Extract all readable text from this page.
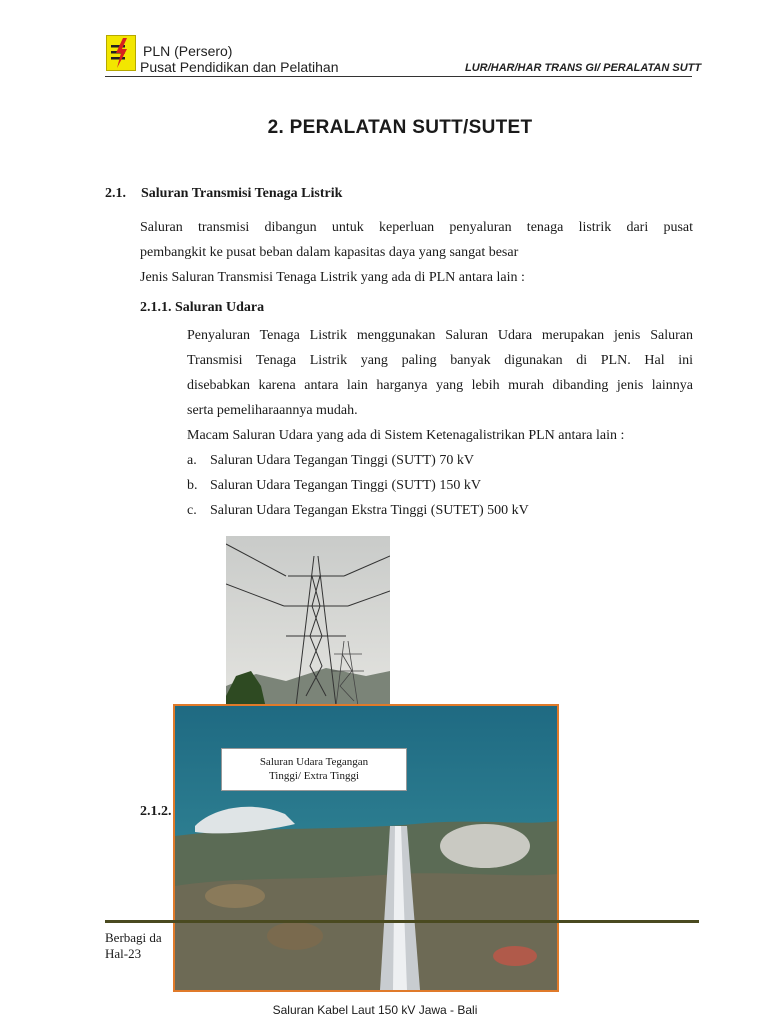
PLN (Persero)
Pusat Pendidikan dan Pelatihan	LUR/HAR/HAR TRANS GI/ PERALATAN SUTT
2. PERALATAN SUTT/SUTET
2.1. Saluran Transmisi Tenaga Listrik
Saluran transmisi dibangun untuk keperluan penyaluran tenaga listrik dari pusat
pembangkit ke pusat beban dalam kapasitas daya yang sangat besar
Jenis Saluran Transmisi Tenaga Listrik yang ada di PLN antara lain :
2.1.1. Saluran Udara
Penyaluran Tenaga Listrik menggunakan Saluran Udara merupakan jenis Saluran
Transmisi Tenaga Listrik yang paling banyak digunakan di PLN. Hal ini
disebabkan karena antara lain harganya yang lebih murah dibanding jenis lainnya
serta pemeliharaannya mudah.
Macam Saluran Udara yang ada di Sistem Ketenagalistrikan PLN antara lain :
a. Saluran Udara Tegangan Tinggi (SUTT) 70 kV
b. Saluran Udara Tegangan Tinggi (SUTT) 150 kV
c. Saluran Udara Tegangan Ekstra Tinggi (SUTET) 500 kV
Saluran Udara Tegangan
Tinggi/ Extra Tinggi
2.1.2.
Berbagi da
Hal-23
Saluran Kabel Laut 150 kV Jawa - Bali
